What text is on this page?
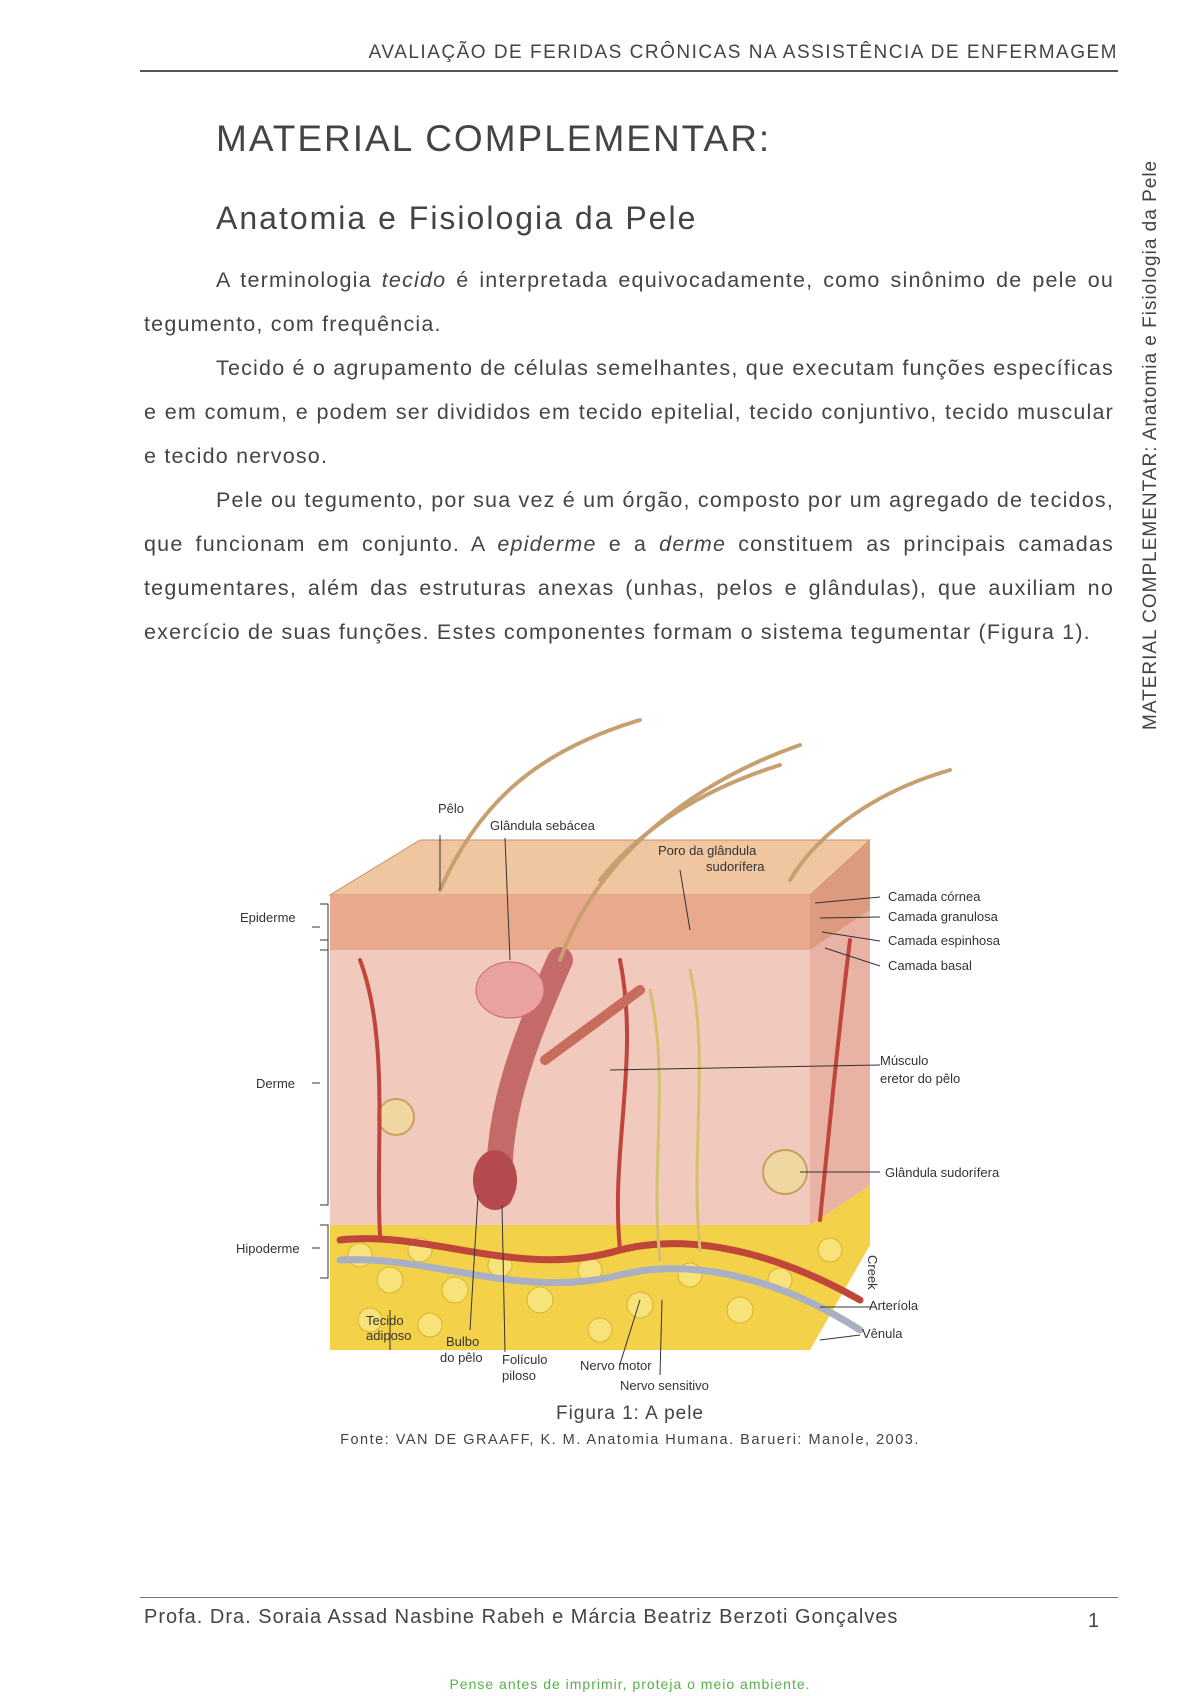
AVALIAÇÃO DE FERIDAS CRÔNICAS NA ASSISTÊNCIA DE ENFERMAGEM
MATERIAL COMPLEMENTAR: Anatomia e Fisiologia da Pele
MATERIAL COMPLEMENTAR:
Anatomia e Fisiologia da Pele

A terminologia tecido é interpretada equivocadamente, como sinônimo de pele ou tegumento, com frequência.

Tecido é o agrupamento de células semelhantes, que executam funções específicas e em comum, e podem ser divididos em tecido epitelial, tecido conjuntivo, tecido muscular e tecido nervoso.

Pele ou tegumento, por sua vez é um órgão, composto por um agregado de tecidos, que funcionam em conjunto. A epiderme e a derme constituem as principais camadas tegumentares, além das estruturas anexas (unhas, pelos e glândulas), que auxiliam no exercício de suas funções. Estes componentes formam o sistema tegumentar (Figura 1).

Pêlo
Glândula sebácea
Poro da glândula
sudorífera
Camada córnea
Camada granulosa
Camada espinhosa
Camada basal
Epiderme
Derme
Hipoderme
Músculo
eretor do pêlo
Glândula sudorífera
Arteríola
Vênula
Tecido
adiposo	Bulbo
do pêlo Folículo
piloso
Nervo motor
Nervo sensitivo
Creek
Figura 1: A pele
Fonte: VAN DE GRAAFF, K. M. Anatomia Humana. Barueri: Manole, 2003.
Profa. Dra. Soraia Assad Nasbine Rabeh e Márcia Beatriz Berzoti Gonçalves	1
Pense antes de imprimir, proteja o meio ambiente.
